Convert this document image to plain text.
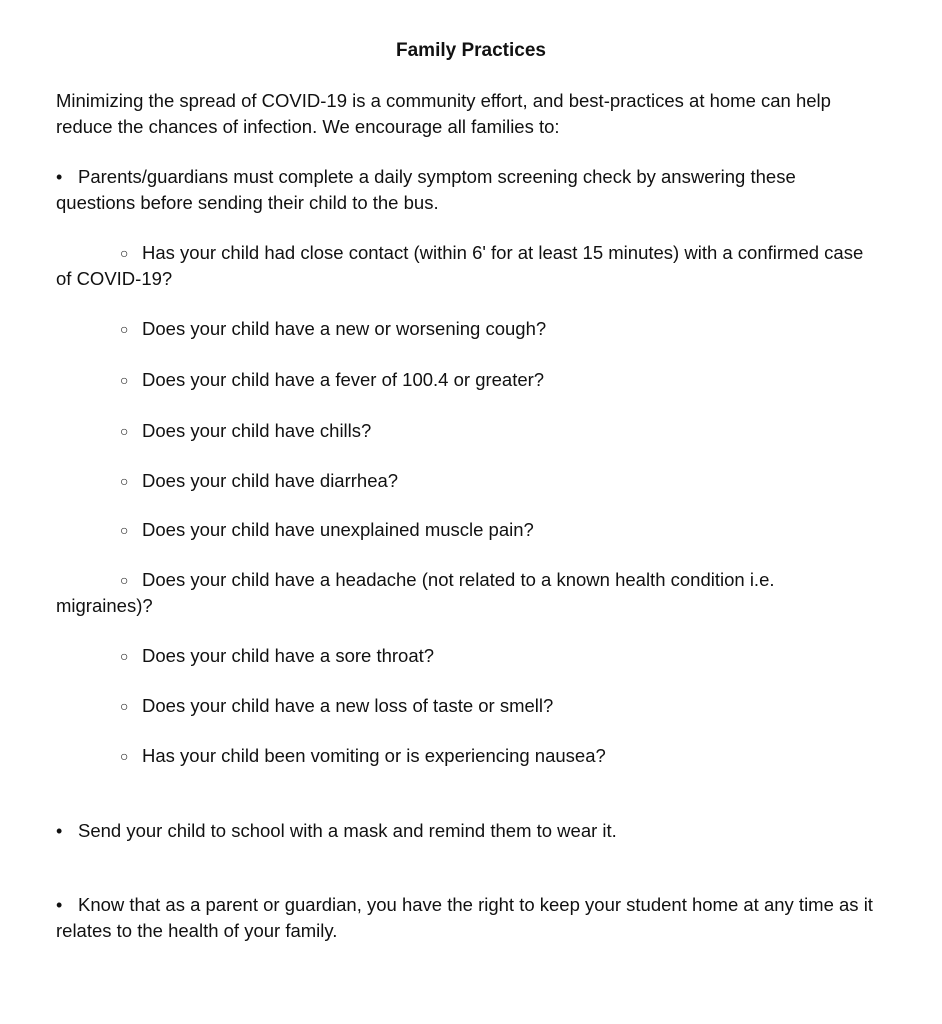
Family Practices

Minimizing the spread of COVID-19 is a community effort, and best-practices at home can help reduce the chances of infection. We encourage all families to:

• Parents/guardians must complete a daily symptom screening check by answering these questions before sending their child to the bus.

○ Has your child had close contact (within 6' for at least 15 minutes) with a confirmed case of COVID-19?

○ Does your child have a new or worsening cough?

○ Does your child have a fever of 100.4 or greater?

○ Does your child have chills?

○ Does your child have diarrhea?

○ Does your child have unexplained muscle pain?

○ Does your child have a headache (not related to a known health condition i.e. migraines)?

○ Does your child have a sore throat?

○ Does your child have a new loss of taste or smell?

○ Has your child been vomiting or is experiencing nausea?

• Send your child to school with a mask and remind them to wear it.

• Know that as a parent or guardian, you have the right to keep your student home at any time as it relates to the health of your family.
